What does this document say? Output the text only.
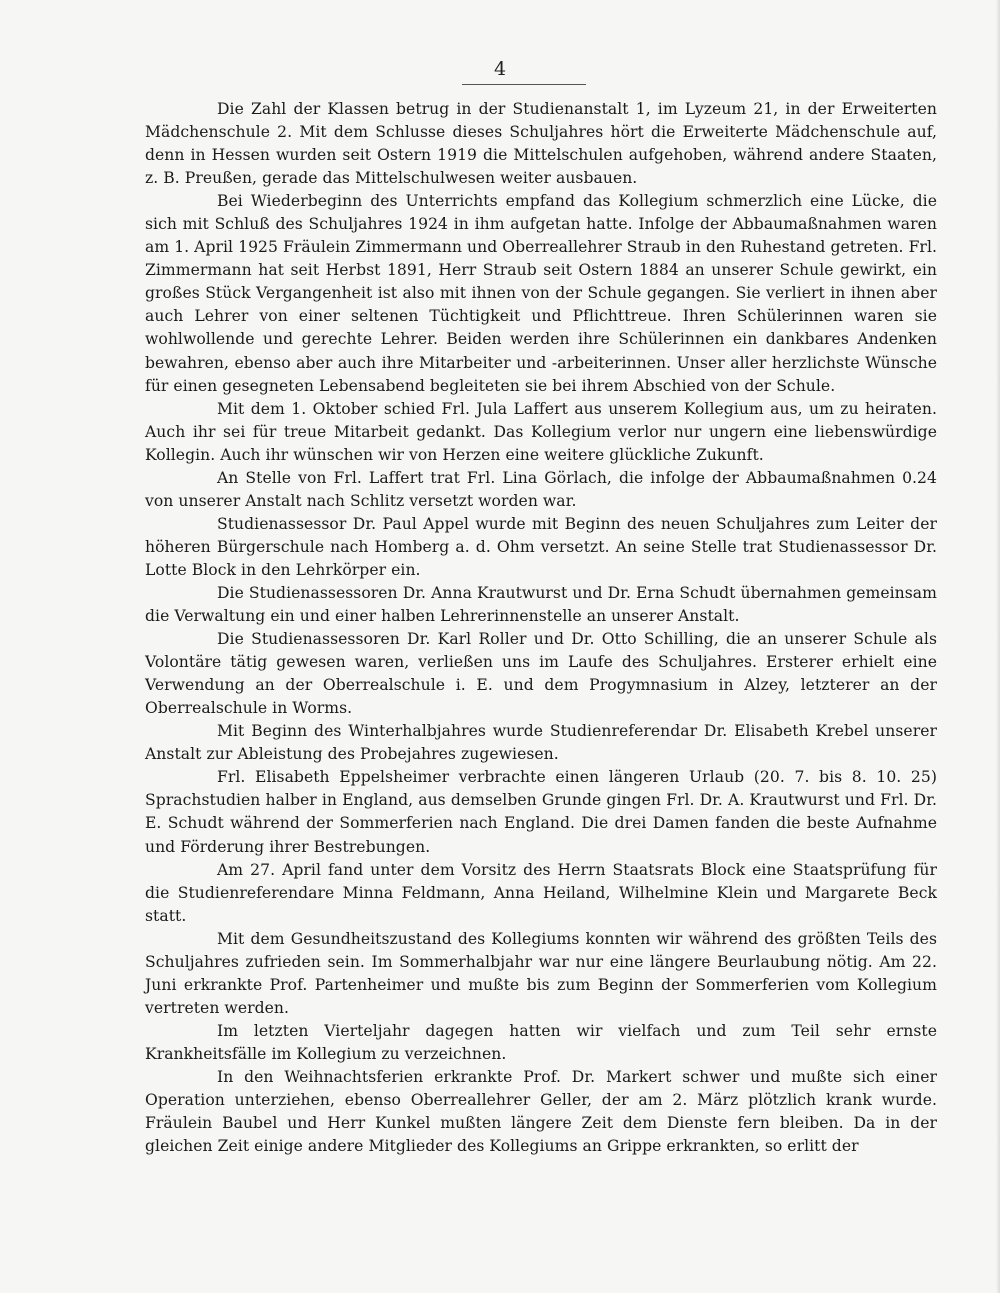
4

Die Zahl der Klassen betrug in der Studienanstalt 1, im Lyzeum 21, in der Erweiterten Mädchenschule 2. Mit dem Schlusse dieses Schuljahres hört die Erweiterte Mädchenschule auf, denn in Hessen wurden seit Ostern 1919 die Mittelschulen aufgehoben, während andere Staaten, z. B. Preußen, gerade das Mittelschulwesen weiter ausbauen.

Bei Wiederbeginn des Unterrichts empfand das Kollegium schmerzlich eine Lücke, die sich mit Schluß des Schuljahres 1924 in ihm aufgetan hatte. Infolge der Abbaumaßnahmen waren am 1. April 1925 Fräulein Zimmermann und Oberreallehrer Straub in den Ruhestand getreten. Frl. Zimmermann hat seit Herbst 1891, Herr Straub seit Ostern 1884 an unserer Schule gewirkt, ein großes Stück Vergangenheit ist also mit ihnen von der Schule gegangen. Sie verliert in ihnen aber auch Lehrer von einer seltenen Tüchtigkeit und Pflichttreue. Ihren Schülerinnen waren sie wohlwollende und gerechte Lehrer. Beiden werden ihre Schülerinnen ein dankbares Andenken bewahren, ebenso aber auch ihre Mitarbeiter und -arbeiterinnen. Unser aller herzlichste Wünsche für einen gesegneten Lebensabend begleiteten sie bei ihrem Abschied von der Schule.

Mit dem 1. Oktober schied Frl. Jula Laffert aus unserem Kollegium aus, um zu heiraten. Auch ihr sei für treue Mitarbeit gedankt. Das Kollegium verlor nur ungern eine liebenswürdige Kollegin. Auch ihr wünschen wir von Herzen eine weitere glückliche Zukunft.

An Stelle von Frl. Laffert trat Frl. Lina Görlach, die infolge der Abbaumaßnahmen 0.24 von unserer Anstalt nach Schlitz versetzt worden war.

Studienassessor Dr. Paul Appel wurde mit Beginn des neuen Schuljahres zum Leiter der höheren Bürgerschule nach Homberg a. d. Ohm versetzt. An seine Stelle trat Studienassessor Dr. Lotte Block in den Lehrkörper ein.

Die Studienassessoren Dr. Anna Krautwurst und Dr. Erna Schudt übernahmen gemeinsam die Verwaltung ein und einer halben Lehrerinnenstelle an unserer Anstalt.

Die Studienassessoren Dr. Karl Roller und Dr. Otto Schilling, die an unserer Schule als Volontäre tätig gewesen waren, verließen uns im Laufe des Schuljahres. Ersterer erhielt eine Verwendung an der Oberrealschule i. E. und dem Progymnasium in Alzey, letzterer an der Oberrealschule in Worms.

Mit Beginn des Winterhalbjahres wurde Studienreferendar Dr. Elisabeth Krebel unserer Anstalt zur Ableistung des Probejahres zugewiesen.

Frl. Elisabeth Eppelsheimer verbrachte einen längeren Urlaub (20. 7. bis 8. 10. 25) Sprachstudien halber in England, aus demselben Grunde gingen Frl. Dr. A. Krautwurst und Frl. Dr. E. Schudt während der Sommerferien nach England. Die drei Damen fanden die beste Aufnahme und Förderung ihrer Bestrebungen.

Am 27. April fand unter dem Vorsitz des Herrn Staatsrats Block eine Staatsprüfung für die Studienreferendare Minna Feldmann, Anna Heiland, Wilhelmine Klein und Margarete Beck statt.

Mit dem Gesundheitszustand des Kollegiums konnten wir während des größten Teils des Schuljahres zufrieden sein. Im Sommerhalbjahr war nur eine längere Beurlaubung nötig. Am 22. Juni erkrankte Prof. Partenheimer und mußte bis zum Beginn der Sommerferien vom Kollegium vertreten werden.

Im letzten Vierteljahr dagegen hatten wir vielfach und zum Teil sehr ernste Krankheitsfälle im Kollegium zu verzeichnen.

In den Weihnachtsferien erkrankte Prof. Dr. Markert schwer und mußte sich einer Operation unterziehen, ebenso Oberreallehrer Geller, der am 2. März plötzlich krank wurde. Fräulein Baubel und Herr Kunkel mußten längere Zeit dem Dienste fern bleiben. Da in der gleichen Zeit einige andere Mitglieder des Kollegiums an Grippe erkrankten, so erlitt der
